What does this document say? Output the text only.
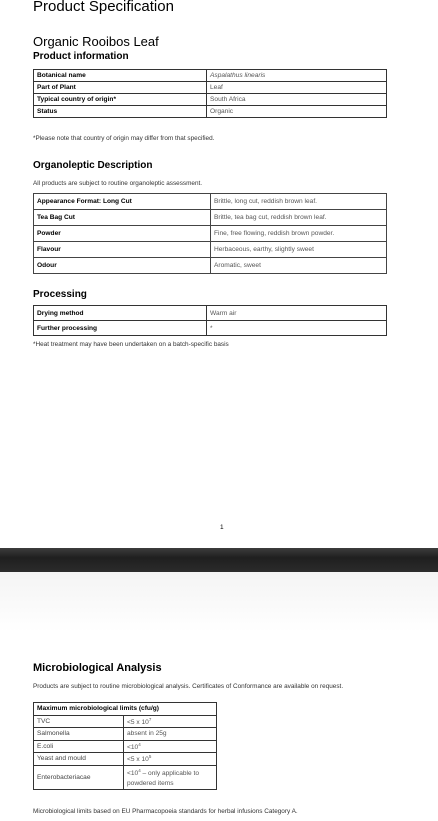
Product Specification
Organic Rooibos Leaf
Product information
Botanical name	Aspalathus linearis
Part of Plant	Leaf
Typical country of origin*	South Africa
Status	Organic
*Please note that country of origin may differ from that specified.
Organoleptic Description
All products are subject to routine organoleptic assessment.
Appearance Format: Long Cut	Brittle, long cut, reddish brown leaf.
Tea Bag Cut	Brittle, tea bag cut, reddish brown leaf.
Powder	Fine, free flowing, reddish brown powder.
Flavour	Herbaceous, earthy, slightly sweet
Odour	Aromatic, sweet
Processing
Drying method	Warm air
Further processing	*
*Heat treatment may have been undertaken on a batch-specific basis
1
Microbiological Analysis
Products are subject to routine microbiological analysis. Certificates of Conformance are available on request.
Maximum microbiological limits (cfu/g)	
TVC	<5 x $10^7$
Salmonella	absent in 25g
E.coli	$<10^4$
Yeast and mould	<5 x $10^5$
Enterobacteriacae	$<10^4$ – only applicable to powdered items
Microbiological limits based on EU Pharmacopoeia standards for herbal infusions Category A.
